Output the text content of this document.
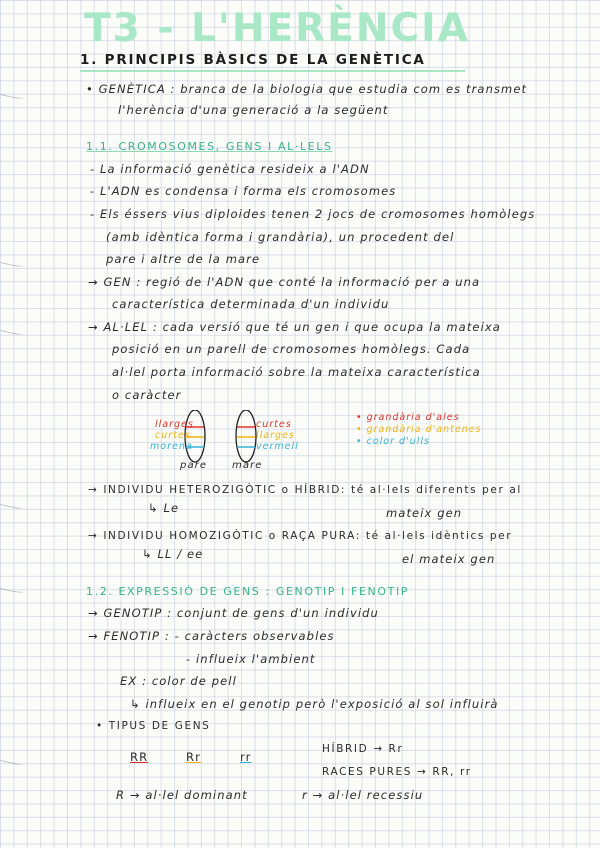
T3 - L'HERÈNCIA
1. PRINCIPIS BÀSICS DE LA GENÈTICA
• GENÈTICA : branca de la biologia que estudia com es transmet
l'herència d'una generació a la següent
1.1. CROMOSOMES, GENS I AL·LELS
- La informació genètica resideix a l'ADN
- L'ADN es condensa i forma els cromosomes
- Els éssers vius diploides tenen 2 jocs de cromosomes homòlegs
(amb idèntica forma i grandària), un procedent del
pare i altre de la mare
→ GEN : regió de l'ADN que conté la informació per a una
característica determinada d'un individu
→ AL·LEL : cada versió que té un gen i que ocupa la mateixa
posició en un parell de cromosomes homòlegs. Cada
al·lel porta informació sobre la mateixa característica
o caràcter
llarges
curtes
morena
curtes
llarges
vermell
pare mare
• grandària d'ales
• grandària d'antenes
• color d'ulls
→ INDIVIDU HETEROZIGÒTIC o HÍBRID: té al·lels diferents per al
↳ Le	mateix gen
→ INDIVIDU HOMOZIGÒTIC o RAÇA PURA: té al·lels idèntics per
↳ LL / ee	el mateix gen
1.2. EXPRESSIÓ DE GENS : GENOTIP I FENOTIP
→ GENOTIP : conjunt de gens d'un individu
→ FENOTIP : - caràcters observables
- influeix l'ambient
EX : color de pell
↳ influeix en el genotip però l'exposició al sol influirà
• TIPUS DE GENS
RR	Rr	rr
HÍBRID → Rr
RACES PURES → RR, rr
R → al·lel dominant	r → al·lel recessiu
